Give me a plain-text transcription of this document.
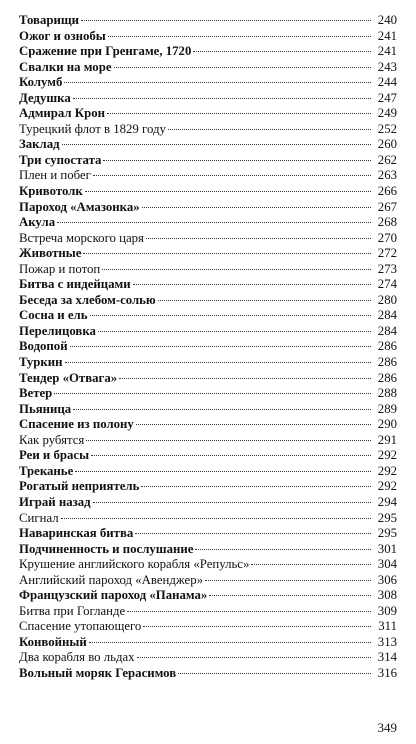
Товарищи	240
Ожог и ознобы	241
Сражение при Гренгаме, 1720	241
Свалки на море	243
Колумб	244
Дедушка	247
Адмирал Крон	249
Турецкий флот в 1829 году	252
Заклад	260
Три супостата	262
Плен и побег	263
Кривотолк	266
Пароход «Амазонка»	267
Акула	268
Встреча морского царя	270
Животные	272
Пожар и потоп	273
Битва с индейцами	274
Беседа за хлебом-солью	280
Сосна и ель	284
Перелицовка	284
Водопой	286
Туркин	286
Тендер «Отвага»	286
Ветер	288
Пьяница	289
Спасение из полону	290
Как рубятся	291
Реи и брасы	292
Треканье	292
Рогатый неприятель	292
Играй назад	294
Сигнал	295
Наваринская битва	295
Подчиненность и послушание	301
Крушение английского корабля «Репульс»	304
Английский пароход «Авенджер»	306
Французский пароход «Панама»	308
Битва при Гогланде	309
Спасение утопающего	311
Конвойный	313
Два корабля во льдах	314
Вольный моряк Герасимов	316
349
